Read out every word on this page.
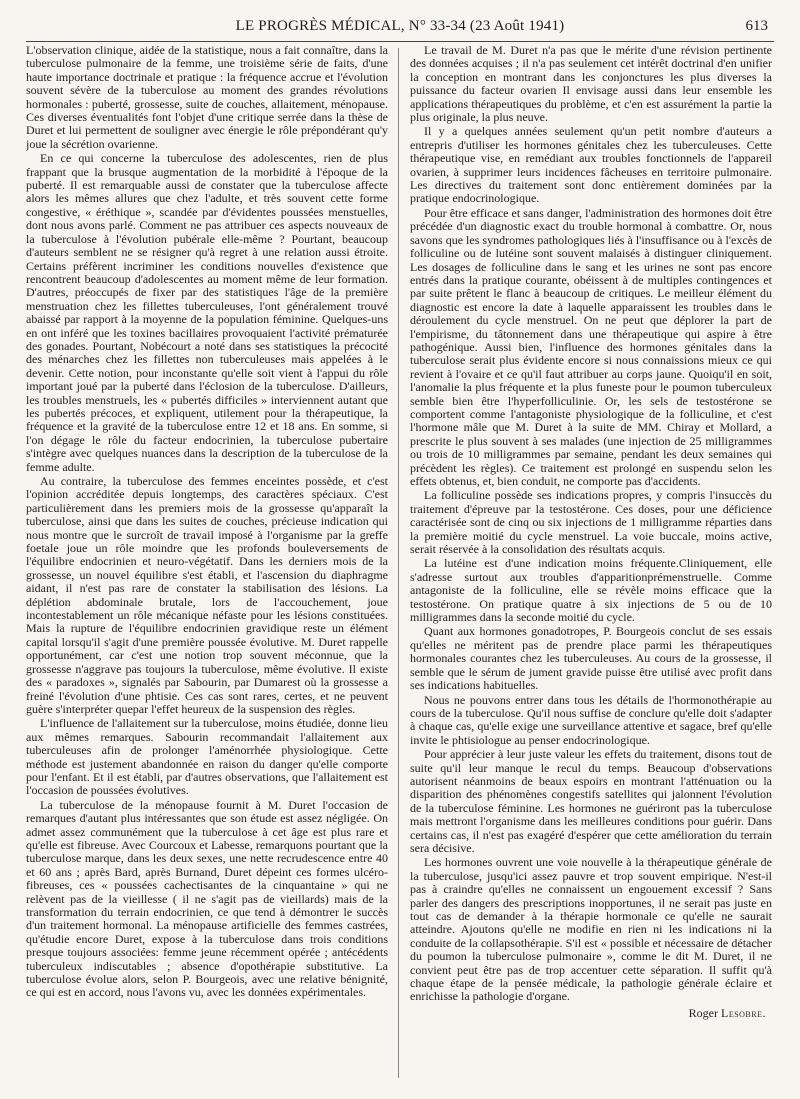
LE PROGRÈS MÉDICAL, N° 33-34 (23 Août 1941)	613

L'observation clinique, aidée de la statistique, nous a fait connaître, dans la tuberculose pulmonaire de la femme, une troisième série de faits, d'une haute importance doctrinale et pratique : la fréquence accrue et l'évolution souvent sévère de la tuberculose au moment des grandes révolutions hormonales : puberté, grossesse, suite de couches, allaitement, ménopause. Ces diverses éventualités font l'objet d'une critique serrée dans la thèse de Duret et lui permettent de souligner avec énergie le rôle prépondérant qu'y joue la sécrétion ovarienne.

En ce qui concerne la tuberculose des adolescentes, rien de plus frappant que la brusque augmentation de la morbidité à l'époque de la puberté. Il est remarquable aussi de constater que la tuberculose affecte alors les mêmes allures que chez l'adulte, et très souvent cette forme congestive, « éréthique », scandée par d'évidentes poussées menstuelles, dont nous avons parlé. Comment ne pas attribuer ces aspects nouveaux de la tuberculose à l'évolution pubérale elle-même ? Pourtant, beaucoup d'auteurs semblent ne se résigner qu'à regret à une relation aussi étroite. Certains préfèrent incriminer les conditions nouvelles d'existence que rencontrent beaucoup d'adolescentes au moment même de leur formation. D'autres, préoccupés de fixer par des statistiques l'âge de la première menstruation chez les fillettes tuberculeuses, l'ont généralement trouvé abaissé par rapport à la moyenne de la population féminine. Quelques-uns en ont inféré que les toxines bacillaires provoquaient l'activité prématurée des gonades. Pourtant, Nobécourt a noté dans ses statistiques la précocité des ménarches chez les fillettes non tuberculeuses mais appelées à le devenir. Cette notion, pour inconstante qu'elle soit vient à l'appui du rôle important joué par la puberté dans l'éclosion de la tuberculose. D'ailleurs, les troubles menstruels, les « pubertés difficiles » interviennent autant que les pubertés précoces, et expliquent, utilement pour la thérapeutique, la fréquence et la gravité de la tuberculose entre 12 et 18 ans. En somme, si l'on dégage le rôle du facteur endocrinien, la tuberculose pubertaire s'intègre avec quelques nuances dans la description de la tuberculose de la femme adulte.

Au contraire, la tuberculose des femmes enceintes possède, et c'est l'opinion accréditée depuis longtemps, des caractères spéciaux. C'est particulièrement dans les premiers mois de la grossesse qu'apparaît la tuberculose, ainsi que dans les suites de couches, précieuse indication qui nous montre que le surcroît de travail imposé à l'organisme par la greffe foetale joue un rôle moindre que les profonds bouleversements de l'équilibre endocrinien et neuro-végétatif. Dans les derniers mois de la grossesse, un nouvel équilibre s'est établi, et l'ascension du diaphragme aidant, il n'est pas rare de constater la stabilisation des lésions. La déplétion abdominale brutale, lors de l'accouchement, joue incontestablement un rôle mécanique néfaste pour les lésions constituées. Mais la rupture de l'équilibre endocrinien gravidique reste un élément capital lorsqu'il s'agit d'une première poussée évolutive. M. Duret rappelle opportunément, car c'est une notion trop souvent méconnue, que la grossesse n'aggrave pas toujours la tuberculose, même évolutive. Il existe des « paradoxes », signalés par Sabourin, par Dumarest où la grossesse a freiné l'évolution d'une phtisie. Ces cas sont rares, certes, et ne peuvent guère s'interpréter quepar l'effet heureux de la suspension des règles.

L'influence de l'allaitement sur la tuberculose, moins étudiée, donne lieu aux mêmes remarques. Sabourin recommandait l'allaitement aux tuberculeuses afin de prolonger l'aménorrhée physiologique. Cette méthode est justement abandonnée en raison du danger qu'elle comporte pour l'enfant. Et il est établi, par d'autres observations, que l'allaitement est l'occasion de poussées évolutives.

La tuberculose de la ménopause fournit à M. Duret l'occasion de remarques d'autant plus intéressantes que son étude est assez négligée. On admet assez communément que la tuberculose à cet âge est plus rare et qu'elle est fibreuse. Avec Courcoux et Labesse, remarquons pourtant que la tuberculose marque, dans les deux sexes, une nette recrudescence entre 40 et 60 ans ; après Bard, après Burnand, Duret dépeint ces formes ulcéro-fibreuses, ces « poussées cachectisantes de la cinquantaine » qui ne relèvent pas de la vieillesse ( il ne s'agit pas de vieillards) mais de la transformation du terrain endocrinien, ce que tend à démontrer le succès d'un traitement hormonal. La ménopause artificielle des femmes castrées, qu'étudie encore Duret, expose à la tuberculose dans trois conditions presque toujours associées: femme jeune récemment opérée ; antécédents tuberculeux indiscutables ; absence d'opothérapie substitutive. La tuberculose évolue alors, selon P. Bourgeois, avec une relative bénignité, ce qui est en accord, nous l'avons vu, avec les données expérimentales.

Le travail de M. Duret n'a pas que le mérite d'une révision pertinente des données acquises ; il n'a pas seulement cet intérêt doctrinal d'en unifier la conception en montrant dans les conjonctures les plus diverses la puissance du facteur ovarien Il envisage aussi dans leur ensemble les applications thérapeutiques du problème, et c'en est assurément la partie la plus originale, la plus neuve.

Il y a quelques années seulement qu'un petit nombre d'auteurs a entrepris d'utiliser les hormones génitales chez les tuberculeuses. Cette thérapeutique vise, en remédiant aux troubles fonctionnels de l'appareil ovarien, à supprimer leurs incidences fâcheuses en territoire pulmonaire. Les directives du traitement sont donc entièrement dominées par la pratique endocrinologique.

Pour être efficace et sans danger, l'administration des hormones doit être précédée d'un diagnostic exact du trouble hormonal à combattre. Or, nous savons que les syndromes pathologiques liés à l'insuffisance ou à l'excès de folliculine ou de lutéine sont souvent malaisés à distinguer cliniquement. Les dosages de folliculine dans le sang et les urines ne sont pas encore entrés dans la pratique courante, obéissent à de multiples contingences et par suite prêtent le flanc à beaucoup de critiques. Le meilleur élément du diagnostic est encore la date à laquelle apparaissent les troubles dans le déroulement du cycle menstruel. On ne peut que déplorer la part de l'empirisme, du tâtonnement dans une thérapeutique qui aspire à être pathogénique. Aussi bien, l'influence des hormones génitales dans la tuberculose serait plus évidente encore si nous connaissions mieux ce qui revient à l'ovaire et ce qu'il faut attribuer au corps jaune. Quoiqu'il en soit, l'anomalie la plus fréquente et la plus funeste pour le poumon tuberculeux semble bien être l'hyperfolliculinie. Or, les sels de testostérone se comportent comme l'antagoniste physiologique de la folliculine, et c'est l'hormone mâle que M. Duret à la suite de MM. Chiray et Mollard, a prescrite le plus souvent à ses malades (une injection de 25 milligrammes ou trois de 10 milligrammes par semaine, pendant les deux semaines qui précèdent les règles). Ce traitement est prolongé en suspendu selon les effets obtenus, et, bien conduit, ne comporte pas d'accidents.

La folliculine possède ses indications propres, y compris l'insuccès du traitement d'épreuve par la testostérone. Ces doses, pour une déficience caractérisée sont de cinq ou six injections de 1 milligramme réparties dans la première moitié du cycle menstruel. La voie buccale, moins active, serait réservée à la consolidation des résultats acquis.

La lutéine est d'une indication moins fréquente.Cliniquement, elle s'adresse surtout aux troubles d'apparitionprémenstruelle. Comme antagoniste de la folliculine, elle se révèle moins efficace que la testostérone. On pratique quatre à six injections de 5 ou de 10 milligrammes dans la seconde moitié du cycle.

Quant aux hormones gonadotropes, P. Bourgeois conclut de ses essais qu'elles ne méritent pas de prendre place parmi les thérapeutiques hormonales courantes chez les tuberculeuses. Au cours de la grossesse, il semble que le sérum de jument gravide puisse être utilisé avec profit dans ses indications habituelles.

Nous ne pouvons entrer dans tous les détails de l'hormonothérapie au cours de la tuberculose. Qu'il nous suffise de conclure qu'elle doit s'adapter à chaque cas, qu'elle exige une surveillance attentive et sagace, bref qu'elle invite le phtisiologue au penser endocrinologique.

Pour apprécier à leur juste valeur les effets du traitement, disons tout de suite qu'il leur manque le recul du temps. Beaucoup d'observations autorisent néanmoins de beaux espoirs en montrant l'atténuation ou la disparition des phénomènes congestifs satellites qui jalonnent l'évolution de la tuberculose féminine. Les hormones ne guériront pas la tuberculose mais mettront l'organisme dans les meilleures conditions pour guérir. Dans certains cas, il n'est pas exagéré d'espérer que cette amélioration du terrain sera décisive.

Les hormones ouvrent une voie nouvelle à la thérapeutique générale de la tuberculose, jusqu'ici assez pauvre et trop souvent empirique. N'est-il pas à craindre qu'elles ne connaissent un engouement excessif ? Sans parler des dangers des prescriptions inopportunes, il ne serait pas juste en tout cas de demander à la thérapie hormonale ce qu'elle ne saurait atteindre. Ajoutons qu'elle ne modifie en rien ni les indications ni la conduite de la collapsothérapie. S'il est « possible et nécessaire de détacher du poumon la tuberculose pulmonaire », comme le dit M. Duret, il ne convient peut être pas de trop accentuer cette séparation. Il suffit qu'à chaque étape de la pensée médicale, la pathologie générale éclaire et enrichisse la pathologie d'organe.

Roger Lesobre.
